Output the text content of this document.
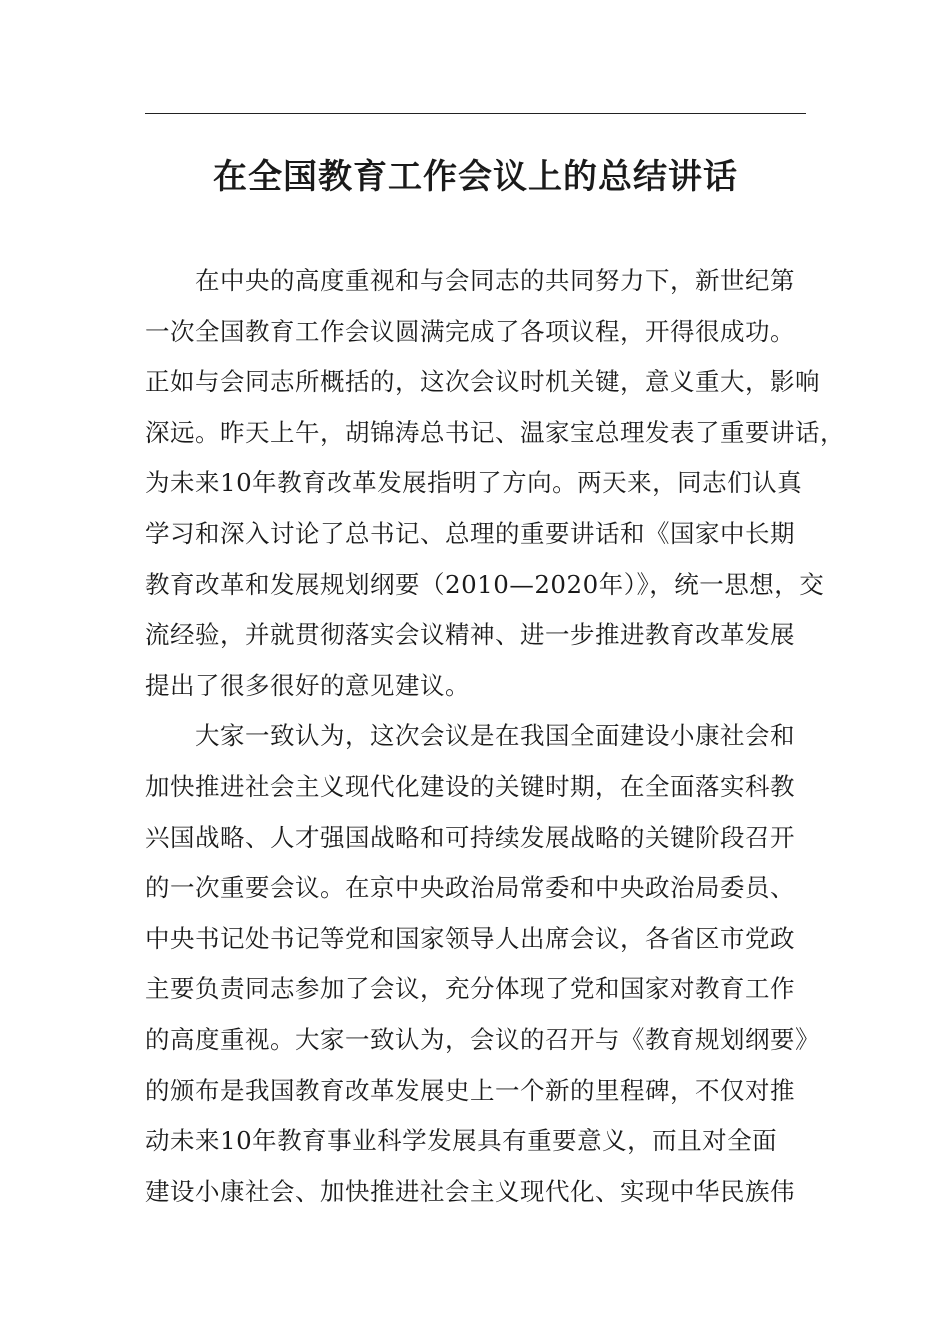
在全国教育工作会议上的总结讲话
在中央的高度重视和与会同志的共同努力下，新世纪第
一次全国教育工作会议圆满完成了各项议程，开得很成功。
正如与会同志所概括的，这次会议时机关键，意义重大，影响
深远。昨天上午，胡锦涛总书记、温家宝总理发表了重要讲话，
为未来10年教育改革发展指明了方向。两天来，同志们认真
学习和深入讨论了总书记、总理的重要讲话和《国家中长期
教育改革和发展规划纲要（2010—2020年）》，统一思想，交
流经验，并就贯彻落实会议精神、进一步推进教育改革发展
提出了很多很好的意见建议。
大家一致认为，这次会议是在我国全面建设小康社会和
加快推进社会主义现代化建设的关键时期，在全面落实科教
兴国战略、人才强国战略和可持续发展战略的关键阶段召开
的一次重要会议。在京中央政治局常委和中央政治局委员、
中央书记处书记等党和国家领导人出席会议，各省区市党政
主要负责同志参加了会议，充分体现了党和国家对教育工作
的高度重视。大家一致认为，会议的召开与《教育规划纲要》
的颁布是我国教育改革发展史上一个新的里程碑，不仅对推
动未来10年教育事业科学发展具有重要意义，而且对全面
建设小康社会、加快推进社会主义现代化、实现中华民族伟
